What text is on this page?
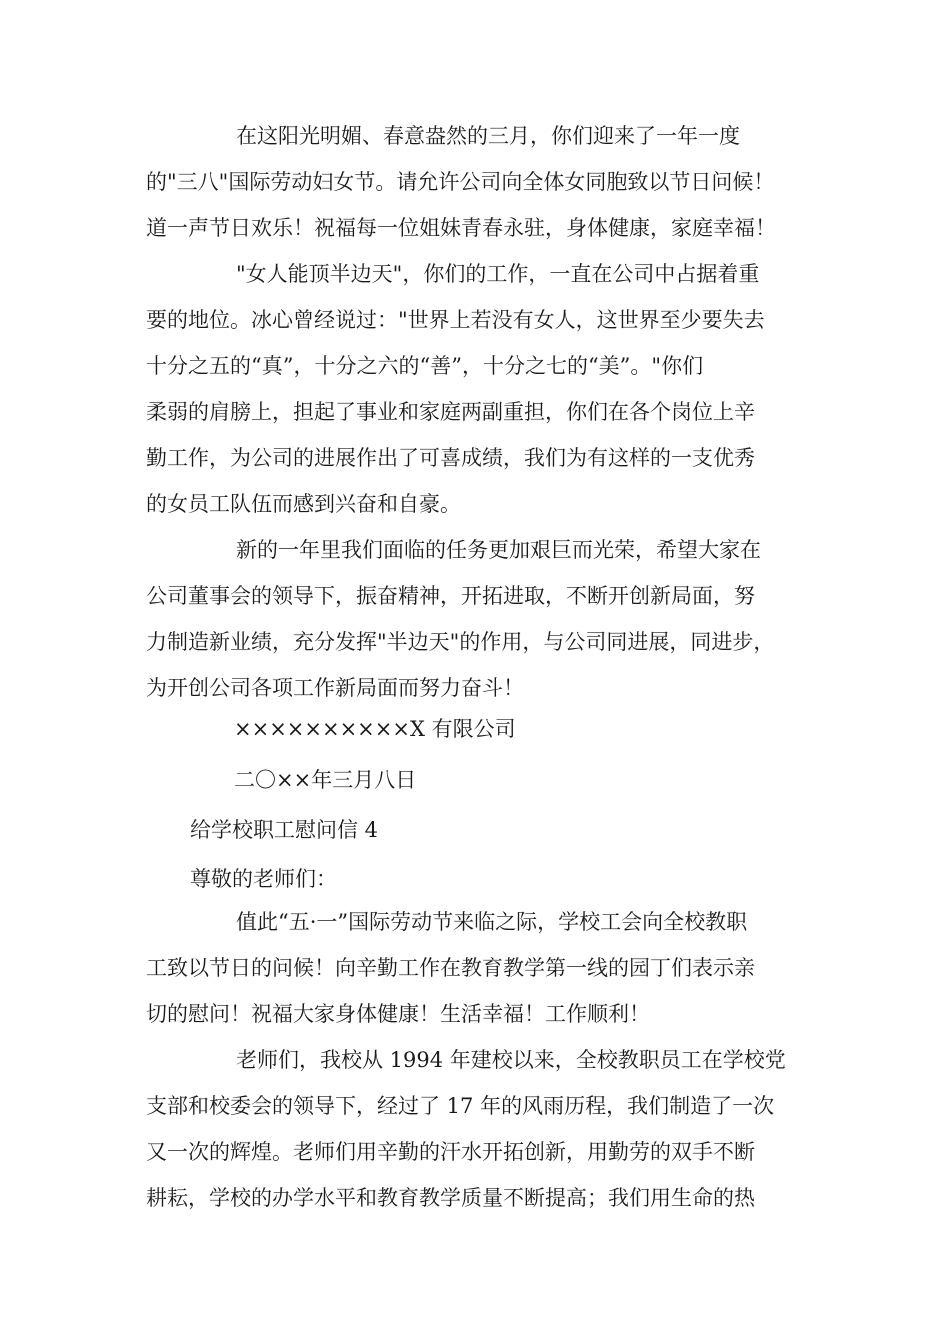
在这阳光明媚、春意盎然的三月，你们迎来了一年一度
的"三八"国际劳动妇女节。请允许公司向全体女同胞致以节日问候！
道一声节日欢乐！祝福每一位姐妹青春永驻，身体健康，家庭幸福！
"女人能顶半边天"，你们的工作，一直在公司中占据着重
要的地位。冰心曾经说过："世界上若没有女人，这世界至少要失去
十分之五的“真”，十分之六的“善”，十分之七的“美”。"你们
柔弱的肩膀上，担起了事业和家庭两副重担，你们在各个岗位上辛
勤工作，为公司的进展作出了可喜成绩，我们为有这样的一支优秀
的女员工队伍而感到兴奋和自豪。
新的一年里我们面临的任务更加艰巨而光荣，希望大家在
公司董事会的领导下，振奋精神，开拓进取，不断开创新局面，努
力制造新业绩，充分发挥"半边天"的作用，与公司同进展，同进步，
为开创公司各项工作新局面而努力奋斗！
××××××××××X 有限公司
二〇××年三月八日
给学校职工慰问信 4
尊敬的老师们：
值此“五·一”国际劳动节来临之际，学校工会向全校教职
工致以节日的问候！向辛勤工作在教育教学第一线的园丁们表示亲
切的慰问！祝福大家身体健康！生活幸福！工作顺利！
老师们，我校从 1994 年建校以来，全校教职员工在学校党
支部和校委会的领导下，经过了 17 年的风雨历程，我们制造了一次
又一次的辉煌。老师们用辛勤的汗水开拓创新，用勤劳的双手不断
耕耘，学校的办学水平和教育教学质量不断提高；我们用生命的热
